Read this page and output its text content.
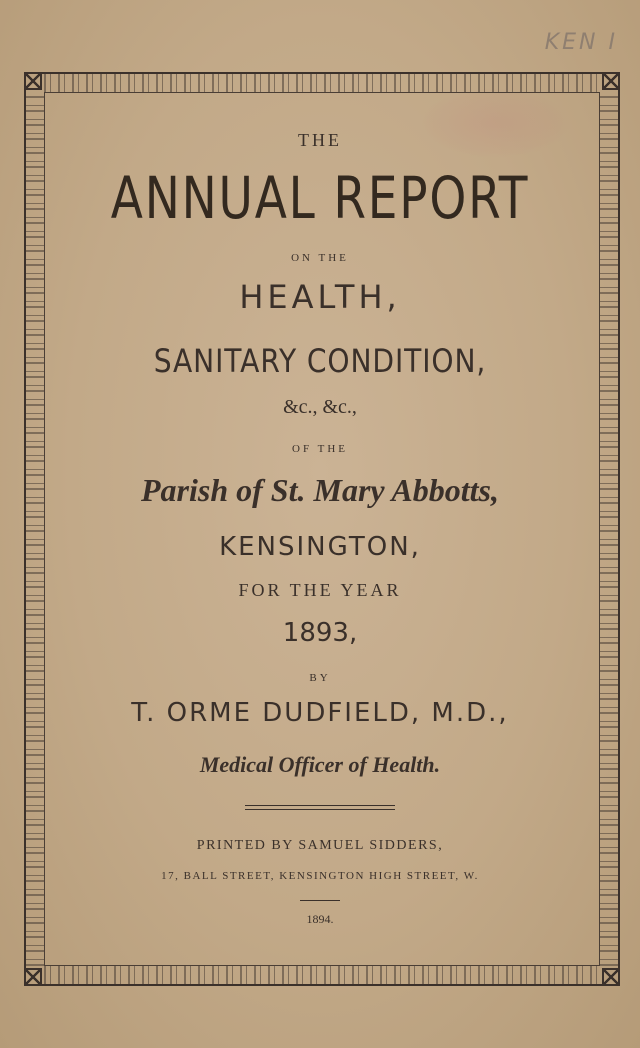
KEN I
THE
ANNUAL REPORT
ON THE
HEALTH,
SANITARY CONDITION,
&c., &c.,
OF THE
Parish of St. Mary Abbotts,
KENSINGTON,
FOR THE YEAR
1893,
BY
T. ORME DUDFIELD, M.D.,
Medical Officer of Health.
PRINTED BY SAMUEL SIDDERS,
17, BALL STREET, KENSINGTON HIGH STREET, W.
1894.
